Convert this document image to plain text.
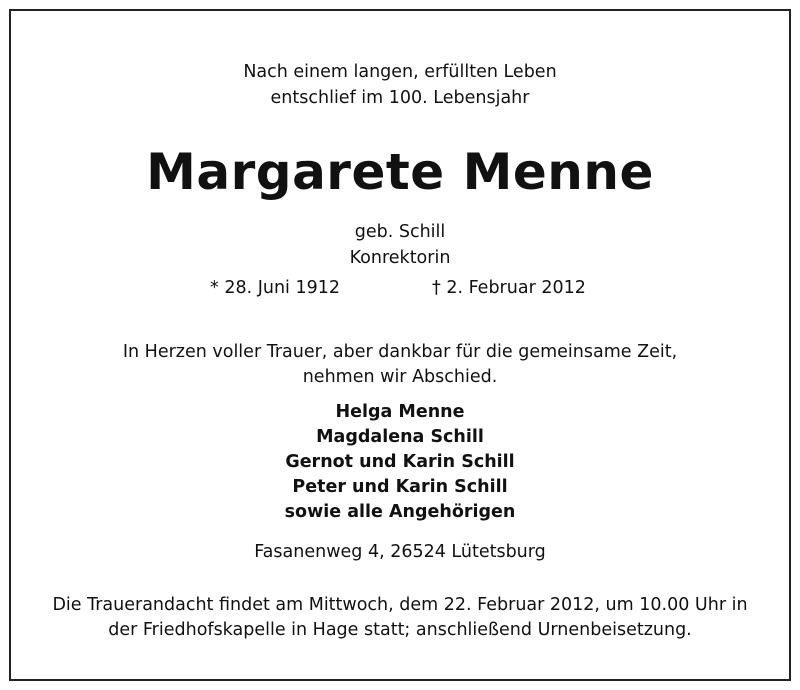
Nach einem langen, erfüllten Leben
entschlief im 100. Lebensjahr
Margarete Menne
geb. Schill
Konrektorin
* 28. Juni 1912	† 2. Februar 2012
In Herzen voller Trauer, aber dankbar für die gemeinsame Zeit,
nehmen wir Abschied.
Helga Menne
Magdalena Schill
Gernot und Karin Schill
Peter und Karin Schill
sowie alle Angehörigen
Fasanenweg 4, 26524 Lütetsburg
Die Trauerandacht findet am Mittwoch, dem 22. Februar 2012, um 10.00 Uhr in
der Friedhofskapelle in Hage statt; anschließend Urnenbeisetzung.
